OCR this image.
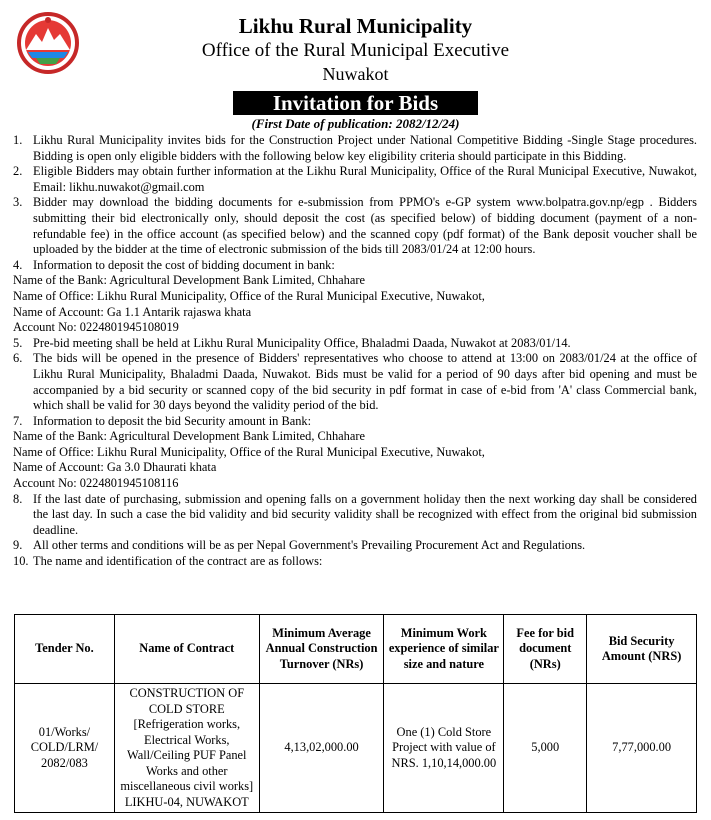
Likhu Rural Municipality
Office of the Rural Municipal Executive
Nuwakot
Invitation for Bids
(First Date of publication: 2082/12/24)
1. Likhu Rural Municipality invites bids for the Construction Project under National Competitive Bidding -Single Stage procedures. Bidding is open only eligible bidders with the following below key eligibility criteria should participate in this Bidding.
2. Eligible Bidders may obtain further information at the Likhu Rural Municipality, Office of the Rural Municipal Executive, Nuwakot, Email: likhu.nuwakot@gmail.com
3. Bidder may download the bidding documents for e-submission from PPMO's e-GP system www.bolpatra.gov.np/egp . Bidders submitting their bid electronically only, should deposit the cost (as specified below) of bidding document (payment of a non-refundable fee) in the office account (as specified below) and the scanned copy (pdf format) of the Bank deposit voucher shall be uploaded by the bidder at the time of electronic submission of the bids till 2083/01/24 at 12:00 hours.
4. Information to deposit the cost of bidding document in bank:
Name of the Bank: Agricultural Development Bank Limited, Chhahare
Name of Office: Likhu Rural Municipality, Office of the Rural Municipal Executive, Nuwakot,
Name of Account: Ga 1.1 Antarik rajaswa khata
Account No: 0224801945108019
5. Pre-bid meeting shall be held at Likhu Rural Municipality Office, Bhaladmi Daada, Nuwakot at 2083/01/14.
6. The bids will be opened in the presence of Bidders' representatives who choose to attend at 13:00 on 2083/01/24 at the office of Likhu Rural Municipality, Bhaladmi Daada, Nuwakot. Bids must be valid for a period of 90 days after bid opening and must be accompanied by a bid security or scanned copy of the bid security in pdf format in case of e-bid from 'A' class Commercial bank, which shall be valid for 30 days beyond the validity period of the bid.
7. Information to deposit the bid Security amount in Bank:
Name of the Bank: Agricultural Development Bank Limited, Chhahare
Name of Office: Likhu Rural Municipality, Office of the Rural Municipal Executive, Nuwakot,
Name of Account: Ga 3.0 Dhaurati khata
Account No: 0224801945108116
8. If the last date of purchasing, submission and opening falls on a government holiday then the next working day shall be considered the last day. In such a case the bid validity and bid security validity shall be recognized with effect from the original bid submission deadline.
9. All other terms and conditions will be as per Nepal Government's Prevailing Procurement Act and Regulations.
10. The name and identification of the contract are as follows:
Tender No.	Name of Contract	Minimum Average Annual Construction Turnover (NRs)	Minimum Work experience of similar size and nature	Fee for bid document (NRs)	Bid Security Amount (NRS)
01/Works/ COLD/LRM/ 2082/083	CONSTRUCTION OF COLD STORE [Refrigeration works, Electrical Works, Wall/Ceiling PUF Panel Works and other miscellaneous civil works] LIKHU-04, NUWAKOT	4,13,02,000.00	One (1) Cold Store Project with value of NRS. 1,10,14,000.00	5,000	7,77,000.00
